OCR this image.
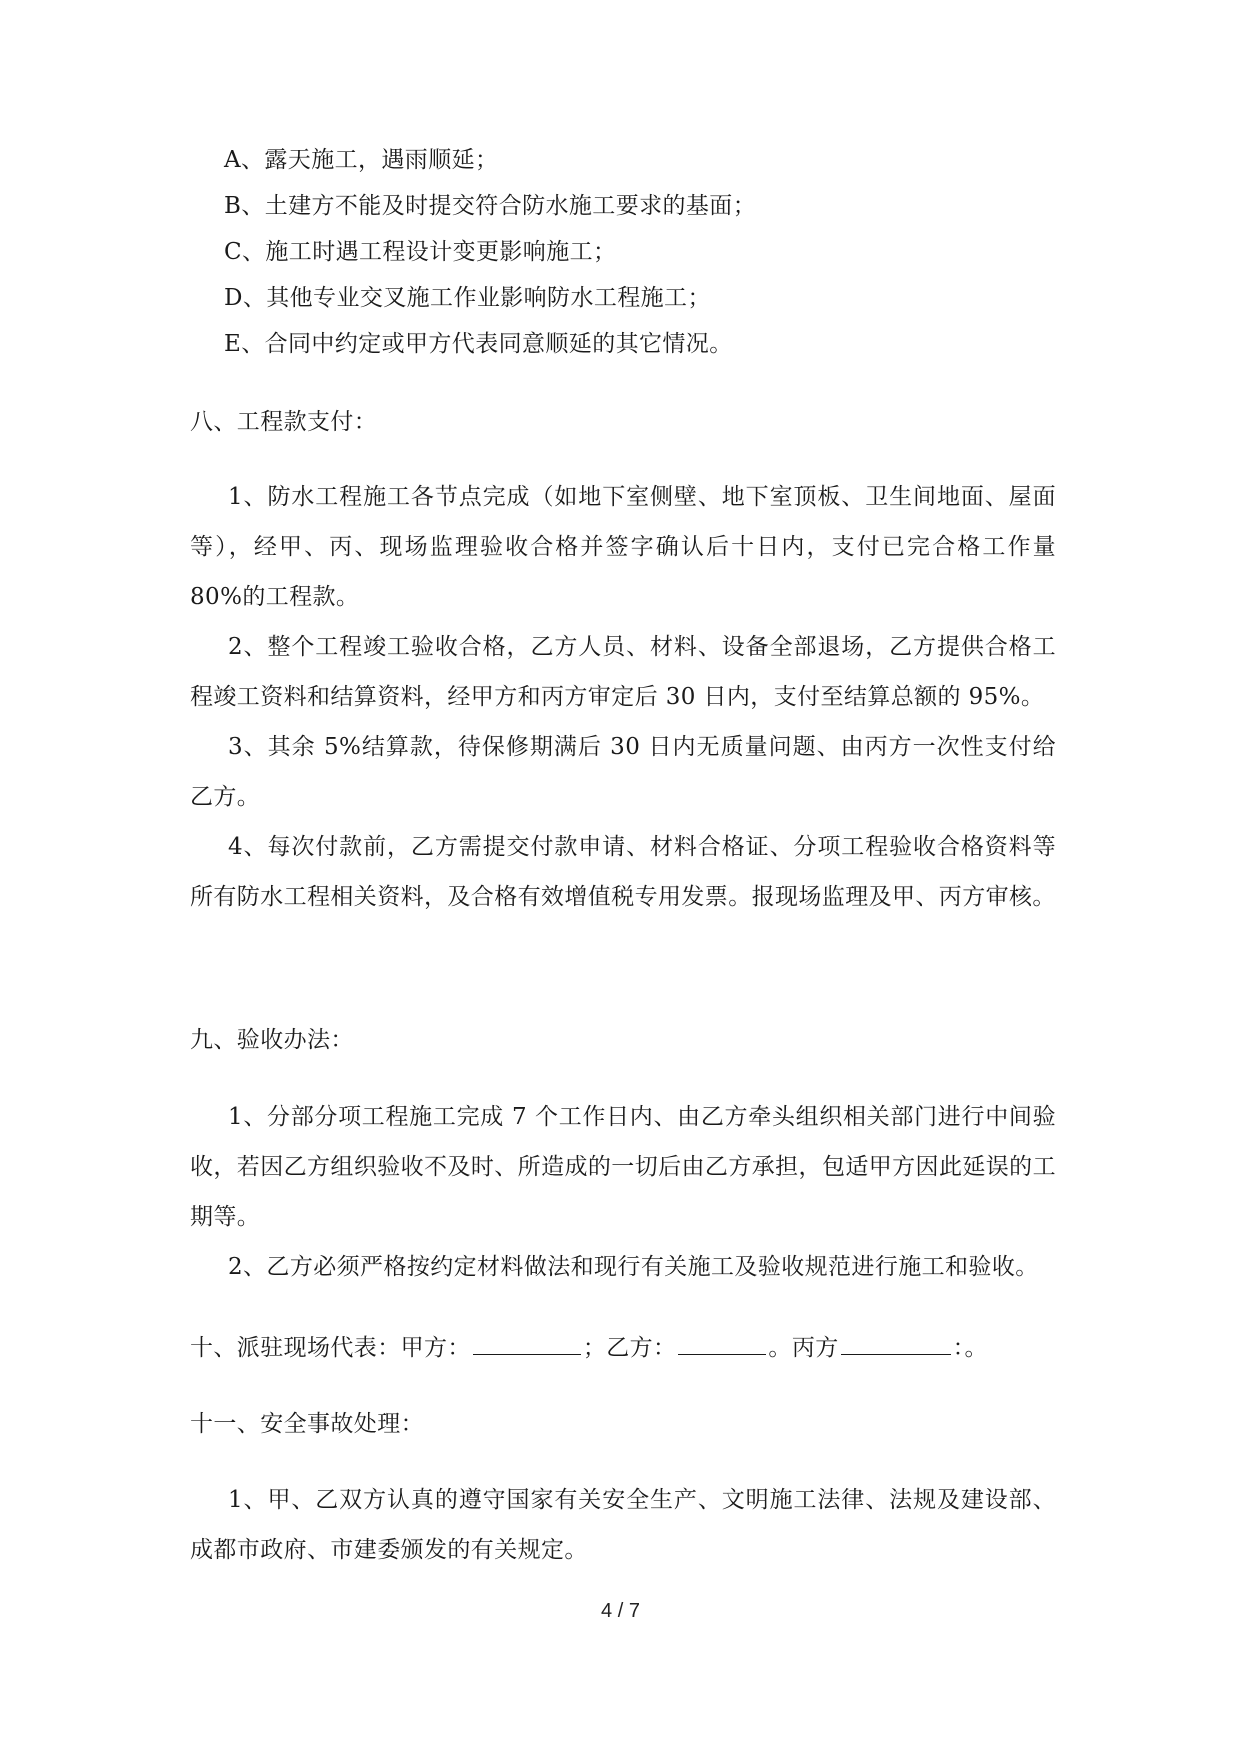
A、露天施工，遇雨顺延；
B、土建方不能及时提交符合防水施工要求的基面；
C、施工时遇工程设计变更影响施工；
D、其他专业交叉施工作业影响防水工程施工；
E、合同中约定或甲方代表同意顺延的其它情况。
八、工程款支付：
1、防水工程施工各节点完成（如地下室侧壁、地下室顶板、卫生间地面、屋面等），经甲、丙、现场监理验收合格并签字确认后十日内，支付已完合格工作量 80%的工程款。
2、整个工程竣工验收合格，乙方人员、材料、设备全部退场，乙方提供合格工程竣工资料和结算资料，经甲方和丙方审定后 30 日内，支付至结算总额的 95%。
3、其余 5%结算款，待保修期满后 30 日内无质量问题、由丙方一次性支付给乙方。
4、每次付款前，乙方需提交付款申请、材料合格证、分项工程验收合格资料等所有防水工程相关资料，及合格有效增值税专用发票。报现场监理及甲、丙方审核。
九、验收办法：
1、分部分项工程施工完成 7 个工作日内、由乙方牵头组织相关部门进行中间验收，若因乙方组织验收不及时、所造成的一切后由乙方承担，包适甲方因此延误的工期等。
2、乙方必须严格按约定材料做法和现行有关施工及验收规范进行施工和验收。
十、派驻现场代表：甲方：	；乙方：	。丙方	：。
十一、安全事故处理：
1、甲、乙双方认真的遵守国家有关安全生产、文明施工法律、法规及建设部、成都市政府、市建委颁发的有关规定。
4 / 7
